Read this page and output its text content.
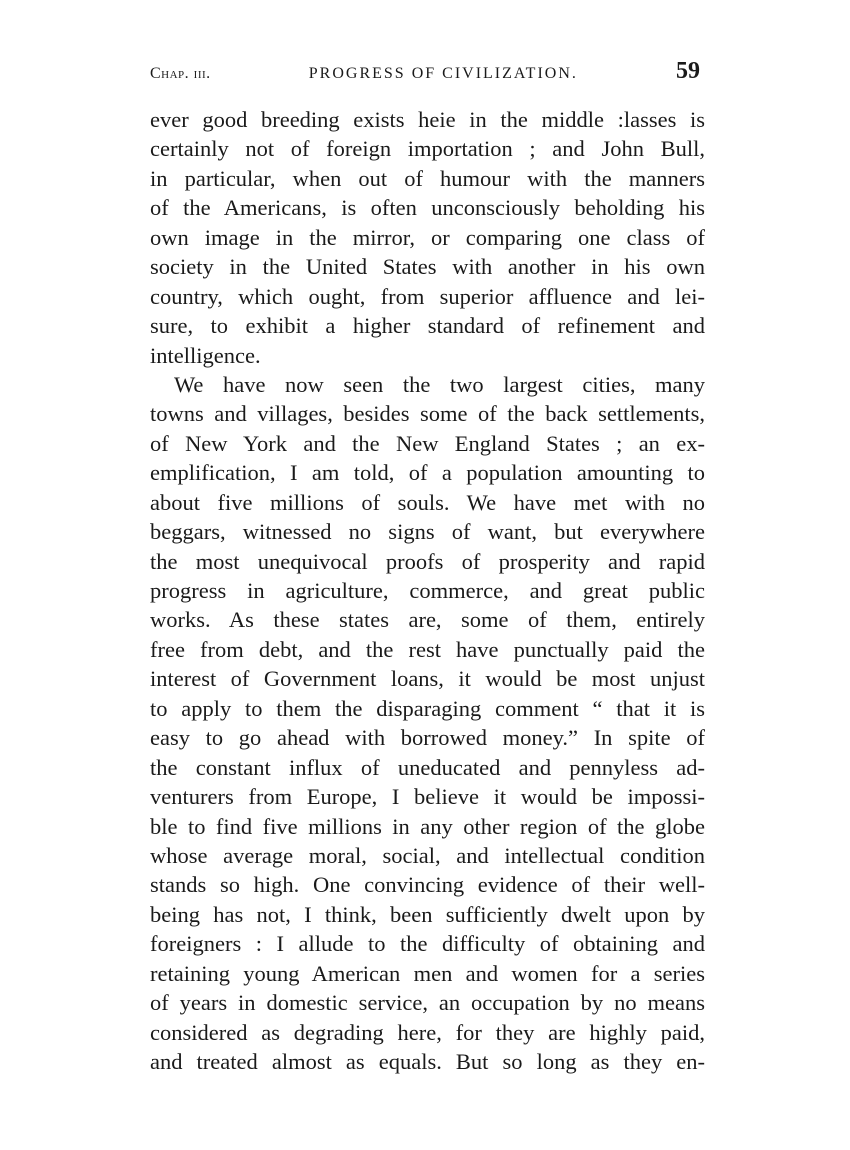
Chap. iii.	PROGRESS OF CIVILIZATION.	59
ever good breeding exists heie in the middle :lasses is
certainly not of foreign importation ; and John Bull,
in particular, when out of humour with the manners
of the Americans, is often unconsciously beholding his
own image in the mirror, or comparing one class of
society in the United States with another in his own
country, which ought, from superior affluence and lei-
sure, to exhibit a higher standard of refinement and
intelligence.
We have now seen the two largest cities, many
towns and villages, besides some of the back settlements,
of New York and the New England States ; an ex-
emplification, I am told, of a population amounting to
about five millions of souls. We have met with no
beggars, witnessed no signs of want, but everywhere
the most unequivocal proofs of prosperity and rapid
progress in agriculture, commerce, and great public
works. As these states are, some of them, entirely
free from debt, and the rest have punctually paid the
interest of Government loans, it would be most unjust
to apply to them the disparaging comment “ that it is
easy to go ahead with borrowed money.” In spite of
the constant influx of uneducated and pennyless ad-
venturers from Europe, I believe it would be impossi-
ble to find five millions in any other region of the globe
whose average moral, social, and intellectual condition
stands so high. One convincing evidence of their well-
being has not, I think, been sufficiently dwelt upon by
foreigners : I allude to the difficulty of obtaining and
retaining young American men and women for a series
of years in domestic service, an occupation by no means
considered as degrading here, for they are highly paid,
and treated almost as equals. But so long as they en-
